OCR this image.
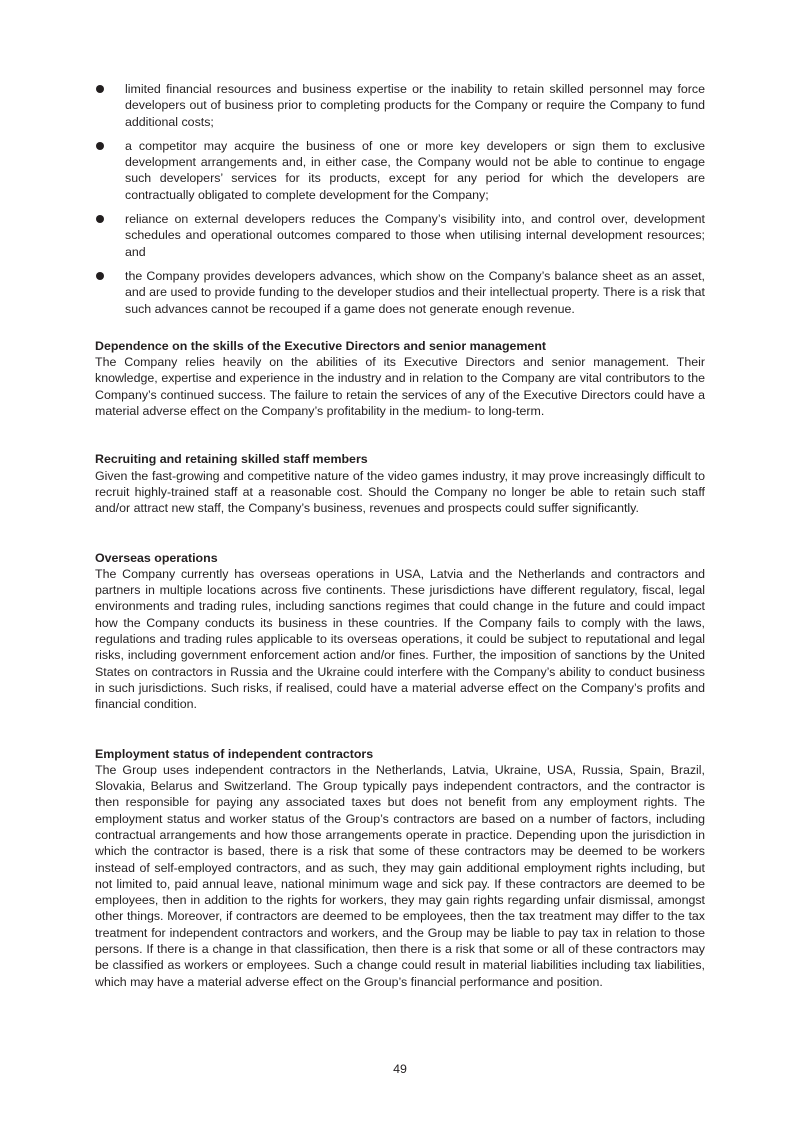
limited financial resources and business expertise or the inability to retain skilled personnel may force developers out of business prior to completing products for the Company or require the Company to fund additional costs;
a competitor may acquire the business of one or more key developers or sign them to exclusive development arrangements and, in either case, the Company would not be able to continue to engage such developers’ services for its products, except for any period for which the developers are contractually obligated to complete development for the Company;
reliance on external developers reduces the Company’s visibility into, and control over, development schedules and operational outcomes compared to those when utilising internal development resources; and
the Company provides developers advances, which show on the Company’s balance sheet as an asset, and are used to provide funding to the developer studios and their intellectual property. There is a risk that such advances cannot be recouped if a game does not generate enough revenue.
Dependence on the skills of the Executive Directors and senior management

The Company relies heavily on the abilities of its Executive Directors and senior management. Their knowledge, expertise and experience in the industry and in relation to the Company are vital contributors to the Company’s continued success. The failure to retain the services of any of the Executive Directors could have a material adverse effect on the Company’s profitability in the medium- to long-term.

Recruiting and retaining skilled staff members

Given the fast-growing and competitive nature of the video games industry, it may prove increasingly difficult to recruit highly-trained staff at a reasonable cost. Should the Company no longer be able to retain such staff and/or attract new staff, the Company’s business, revenues and prospects could suffer significantly.

Overseas operations

The Company currently has overseas operations in USA, Latvia and the Netherlands and contractors and partners in multiple locations across five continents. These jurisdictions have different regulatory, fiscal, legal environments and trading rules, including sanctions regimes that could change in the future and could impact how the Company conducts its business in these countries. If the Company fails to comply with the laws, regulations and trading rules applicable to its overseas operations, it could be subject to reputational and legal risks, including government enforcement action and/or fines. Further, the imposition of sanctions by the United States on contractors in Russia and the Ukraine could interfere with the Company’s ability to conduct business in such jurisdictions. Such risks, if realised, could have a material adverse effect on the Company’s profits and financial condition.

Employment status of independent contractors

The Group uses independent contractors in the Netherlands, Latvia, Ukraine, USA, Russia, Spain, Brazil, Slovakia, Belarus and Switzerland. The Group typically pays independent contractors, and the contractor is then responsible for paying any associated taxes but does not benefit from any employment rights. The employment status and worker status of the Group’s contractors are based on a number of factors, including contractual arrangements and how those arrangements operate in practice. Depending upon the jurisdiction in which the contractor is based, there is a risk that some of these contractors may be deemed to be workers instead of self-employed contractors, and as such, they may gain additional employment rights including, but not limited to, paid annual leave, national minimum wage and sick pay. If these contractors are deemed to be employees, then in addition to the rights for workers, they may gain rights regarding unfair dismissal, amongst other things. Moreover, if contractors are deemed to be employees, then the tax treatment may differ to the tax treatment for independent contractors and workers, and the Group may be liable to pay tax in relation to those persons. If there is a change in that classification, then there is a risk that some or all of these contractors may be classified as workers or employees. Such a change could result in material liabilities including tax liabilities, which may have a material adverse effect on the Group’s financial performance and position.

49
